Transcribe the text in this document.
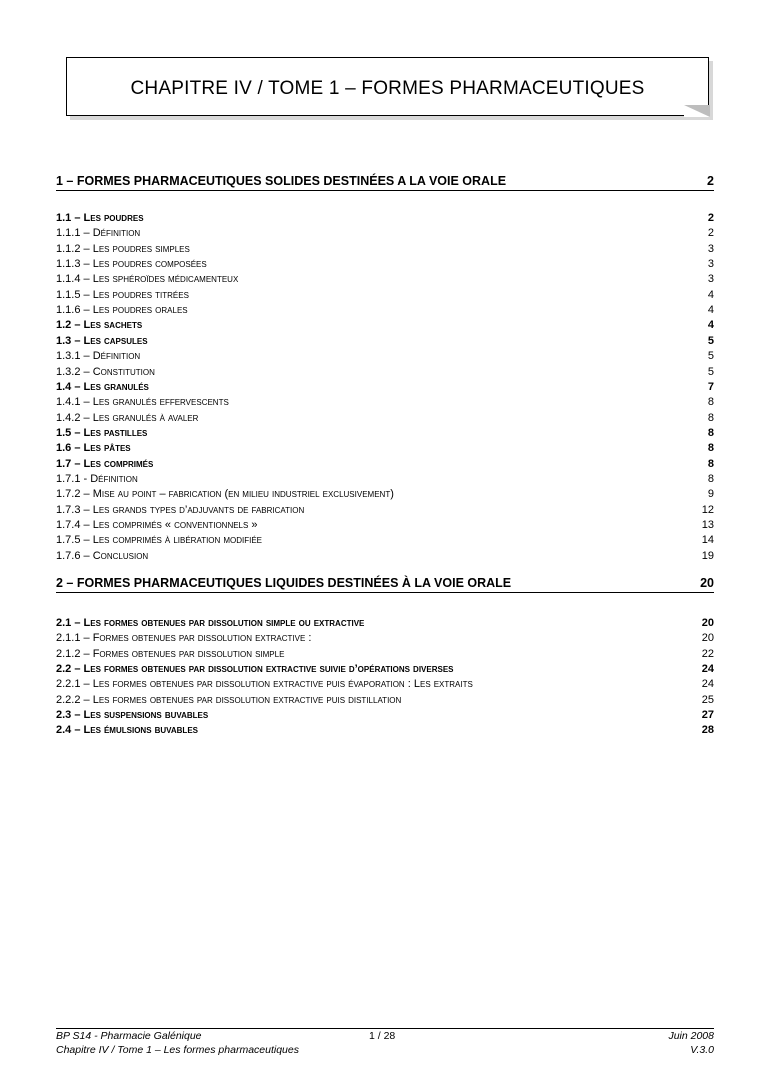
CHAPITRE IV / TOME 1 – FORMES PHARMACEUTIQUES
1 – FORMES PHARMACEUTIQUES SOLIDES DESTINÉES A LA VOIE ORALE	2
1.1 – Les poudres	2
1.1.1 – Définition	2
1.1.2 – Les poudres simples	3
1.1.3 – Les poudres composées	3
1.1.4 – Les sphéroïdes médicamenteux	3
1.1.5 – Les poudres titrées	4
1.1.6 – Les poudres orales	4
1.2 – Les sachets	4
1.3 – Les capsules	5
1.3.1 – Définition	5
1.3.2 – Constitution	5
1.4 – Les granulés	7
1.4.1 – Les granulés effervescents	8
1.4.2 – Les granulés à avaler	8
1.5 – Les pastilles	8
1.6 – Les pâtes	8
1.7 – Les comprimés	8
1.7.1 - Définition	8
1.7.2 – Mise au point – fabrication (en milieu industriel exclusivement)	9
1.7.3 – Les grands types d’adjuvants de fabrication	12
1.7.4 – Les comprimés « conventionnels »	13
1.7.5 – Les comprimés à libération modifiée	14
1.7.6 – Conclusion	19
2 – FORMES PHARMACEUTIQUES LIQUIDES DESTINÉES À LA VOIE ORALE	20
2.1 – Les formes obtenues par dissolution simple ou extractive	20
2.1.1 – Formes obtenues par dissolution extractive :	20
2.1.2 – Formes obtenues par dissolution simple	22
2.2 – Les formes obtenues par dissolution extractive suivie d’opérations diverses	24
2.2.1 – Les formes obtenues par dissolution extractive puis évaporation : Les extraits	24
2.2.2 – Les formes obtenues par dissolution extractive puis distillation	25
2.3 – Les suspensions buvables	27
2.4 – Les émulsions buvables	28
BP S14 - Pharmacie Galénique	1 / 28	Juin 2008
Chapitre IV / Tome 1 – Les formes pharmaceutiques	V.3.0
